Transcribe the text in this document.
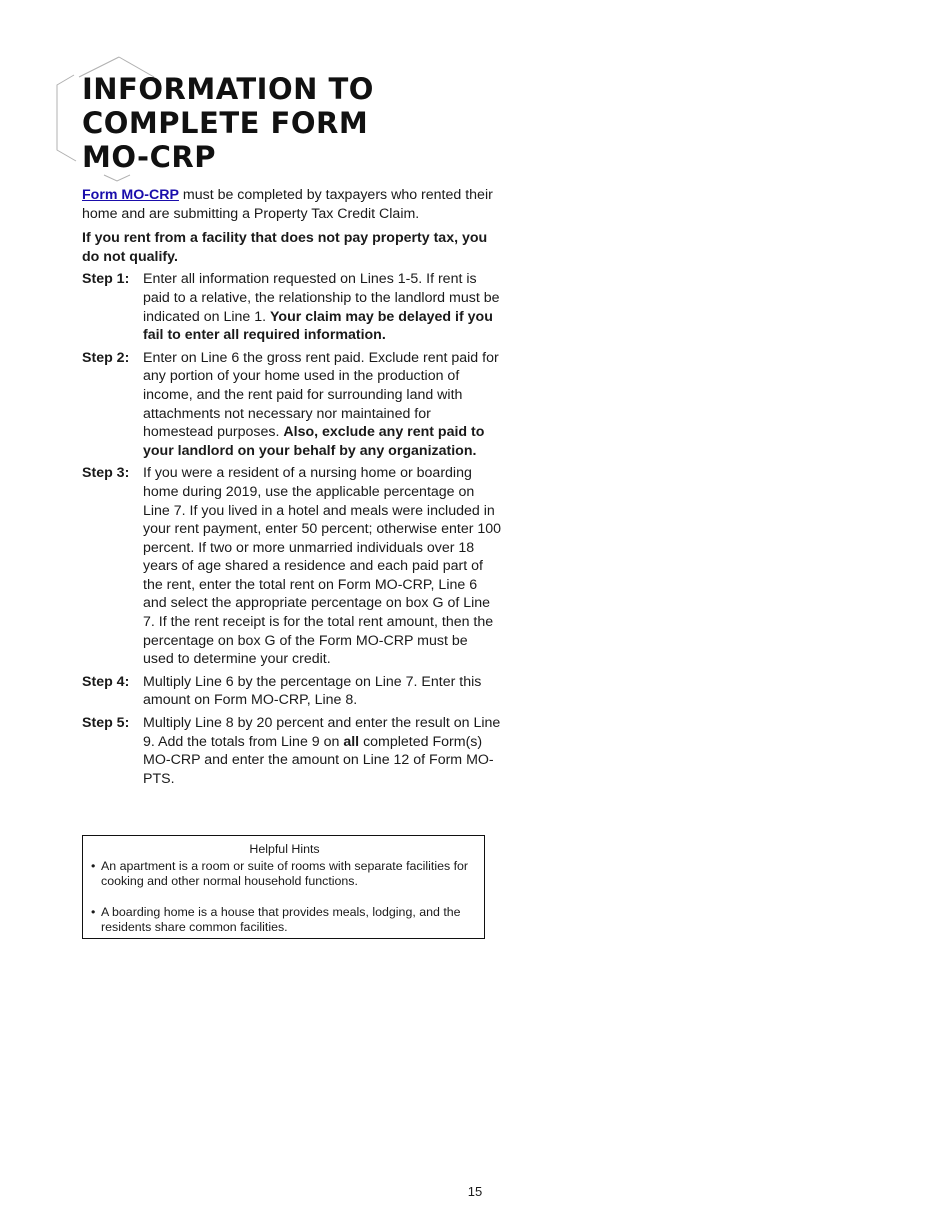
INFORMATION TO
COMPLETE FORM
MO-CRP

Form MO-CRP must be completed by taxpayers who rented their home and are submitting a Property Tax Credit Claim.

If you rent from a facility that does not pay property tax, you do not qualify.

Step 1: Enter all information requested on Lines 1-5. If rent is paid to a relative, the relationship to the landlord must be indicated on Line 1. Your claim may be delayed if you fail to enter all required information.
Step 2: Enter on Line 6 the gross rent paid. Exclude rent paid for any portion of your home used in the production of income, and the rent paid for surrounding land with attachments not necessary nor maintained for homestead purposes. Also, exclude any rent paid to your landlord on your behalf by any organization.
Step 3: If you were a resident of a nursing home or boarding home during 2019, use the applicable percentage on Line 7. If you lived in a hotel and meals were included in your rent payment, enter 50 percent; otherwise enter 100 percent. If two or more unmarried individuals over 18 years of age shared a residence and each paid part of the rent, enter the total rent on Form MO-CRP, Line 6 and select the appropriate percentage on box G of Line 7. If the rent receipt is for the total rent amount, then the percentage on box G of the Form MO-CRP must be used to determine your credit.
Step 4: Multiply Line 6 by the percentage on Line 7. Enter this amount on Form MO-CRP, Line 8.
Step 5: Multiply Line 8 by 20 percent and enter the result on Line 9. Add the totals from Line 9 on all completed Form(s) MO-CRP and enter the amount on Line 12 of Form MO-PTS.
Helpful Hints
• An apartment is a room or suite of rooms with separate facilities for cooking and other normal household functions.
• A boarding home is a house that provides meals, lodging, and the residents share common facilities.
15
